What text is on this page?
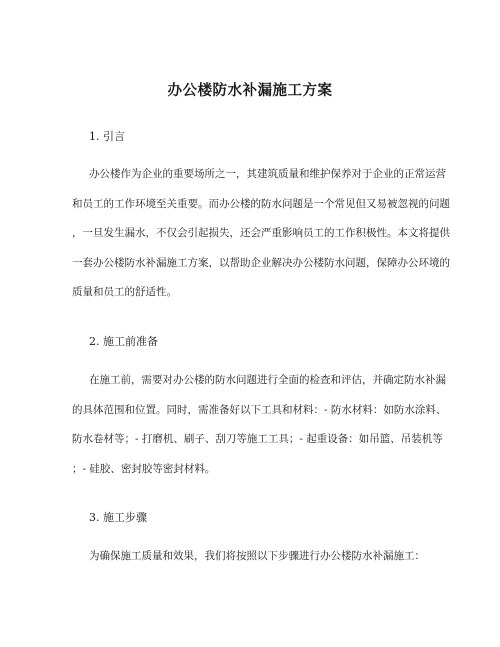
办公楼防水补漏施工方案
1. 引言
办公楼作为企业的重要场所之一，其建筑质量和维护保养对于企业的正常运营
和员工的工作环境至关重要。而办公楼的防水问题是一个常见但又易被忽视的问题
，一旦发生漏水，不仅会引起损失，还会严重影响员工的工作积极性。本文将提供
一套办公楼防水补漏施工方案，以帮助企业解决办公楼防水问题，保障办公环境的
质量和员工的舒适性。
2. 施工前准备
在施工前，需要对办公楼的防水问题进行全面的检查和评估，并确定防水补漏
的具体范围和位置。同时，需准备好以下工具和材料：- 防水材料：如防水涂料、
防水卷材等；- 打磨机、刷子、刮刀等施工工具；- 起重设备：如吊篮、吊装机等
；- 硅胶、密封胶等密封材料。
3. 施工步骤
为确保施工质量和效果，我们将按照以下步骤进行办公楼防水补漏施工：
